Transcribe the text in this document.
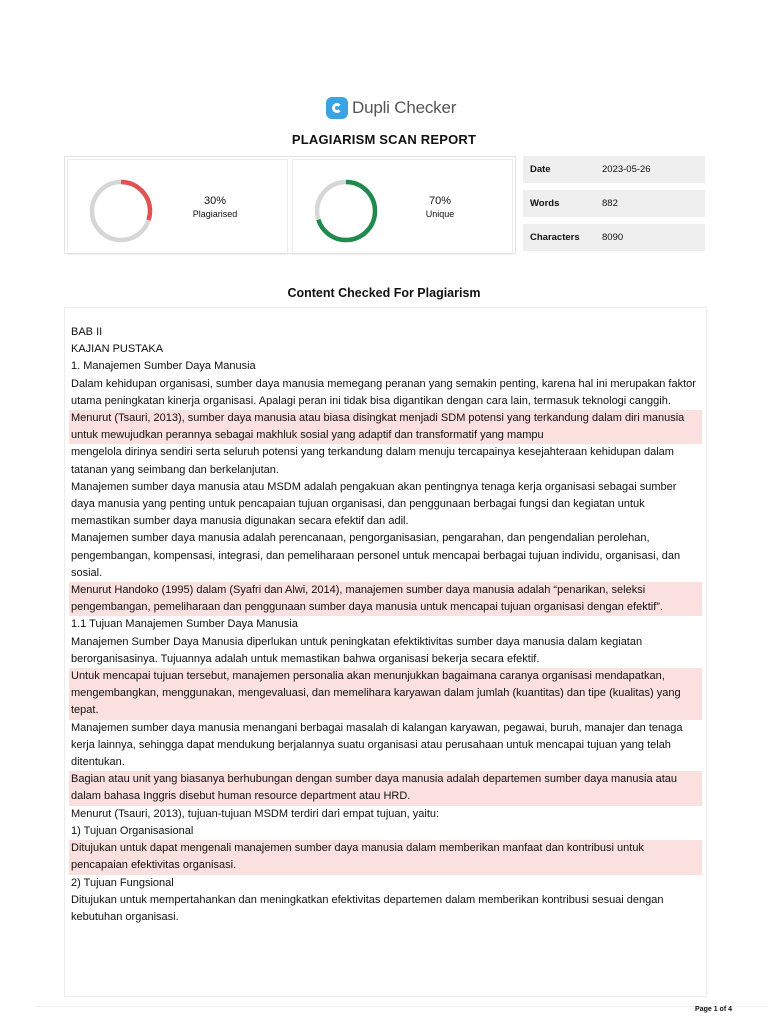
Dupli Checker
PLAGIARISM SCAN REPORT
30%
Plagiarised
70%
Unique
Date	2023-05-26
Words	882
Characters	8090
Content Checked For Plagiarism

BAB II

KAJIAN PUSTAKA

1. Manajemen Sumber Daya Manusia

Dalam kehidupan organisasi, sumber daya manusia memegang peranan yang semakin penting, karena hal ini merupakan faktor utama peningkatan kinerja organisasi. Apalagi peran ini tidak bisa digantikan dengan cara lain, termasuk teknologi canggih.

Menurut (Tsauri, 2013), sumber daya manusia atau biasa disingkat menjadi SDM potensi yang terkandung dalam diri manusia untuk mewujudkan perannya sebagai makhluk sosial yang adaptif dan transformatif yang mampu

mengelola dirinya sendiri serta seluruh potensi yang terkandung dalam menuju tercapainya kesejahteraan kehidupan dalam tatanan yang seimbang dan berkelanjutan.

Manajemen sumber daya manusia atau MSDM adalah pengakuan akan pentingnya tenaga kerja organisasi sebagai sumber daya manusia yang penting untuk pencapaian tujuan organisasi, dan penggunaan berbagai fungsi dan kegiatan untuk memastikan sumber daya manusia digunakan secara efektif dan adil.

Manajemen sumber daya manusia adalah perencanaan, pengorganisasian, pengarahan, dan pengendalian perolehan, pengembangan, kompensasi, integrasi, dan pemeliharaan personel untuk mencapai berbagai tujuan individu, organisasi, dan sosial.

Menurut Handoko (1995) dalam (Syafri dan Alwi, 2014), manajemen sumber daya manusia adalah “penarikan, seleksi pengembangan, pemeliharaan dan penggunaan sumber daya manusia untuk mencapai tujuan organisasi dengan efektif”.

1.1 Tujuan Manajemen Sumber Daya Manusia

Manajemen Sumber Daya Manusia diperlukan untuk peningkatan efektiktivitas sumber daya manusia dalam kegiatan berorganisasinya. Tujuannya adalah untuk memastikan bahwa organisasi bekerja secara efektif.

Untuk mencapai tujuan tersebut, manajemen personalia akan menunjukkan bagaimana caranya organisasi mendapatkan, mengembangkan, menggunakan, mengevaluasi, dan memelihara karyawan dalam jumlah (kuantitas) dan tipe (kualitas) yang tepat.

Manajemen sumber daya manusia menangani berbagai masalah di kalangan karyawan, pegawai, buruh, manajer dan tenaga kerja lainnya, sehingga dapat mendukung berjalannya suatu organisasi atau perusahaan untuk mencapai tujuan yang telah ditentukan.

Bagian atau unit yang biasanya berhubungan dengan sumber daya manusia adalah departemen sumber daya manusia atau dalam bahasa Inggris disebut human resource department atau HRD.

Menurut (Tsauri, 2013), tujuan-tujuan MSDM terdiri dari empat tujuan, yaitu:

1) Tujuan Organisasional

Ditujukan untuk dapat mengenali manajemen sumber daya manusia dalam memberikan manfaat dan kontribusi untuk pencapaian efektivitas organisasi.

2) Tujuan Fungsional

Ditujukan untuk mempertahankan dan meningkatkan efektivitas departemen dalam memberikan kontribusi sesuai dengan kebutuhan organisasi.

Page 1 of 4
